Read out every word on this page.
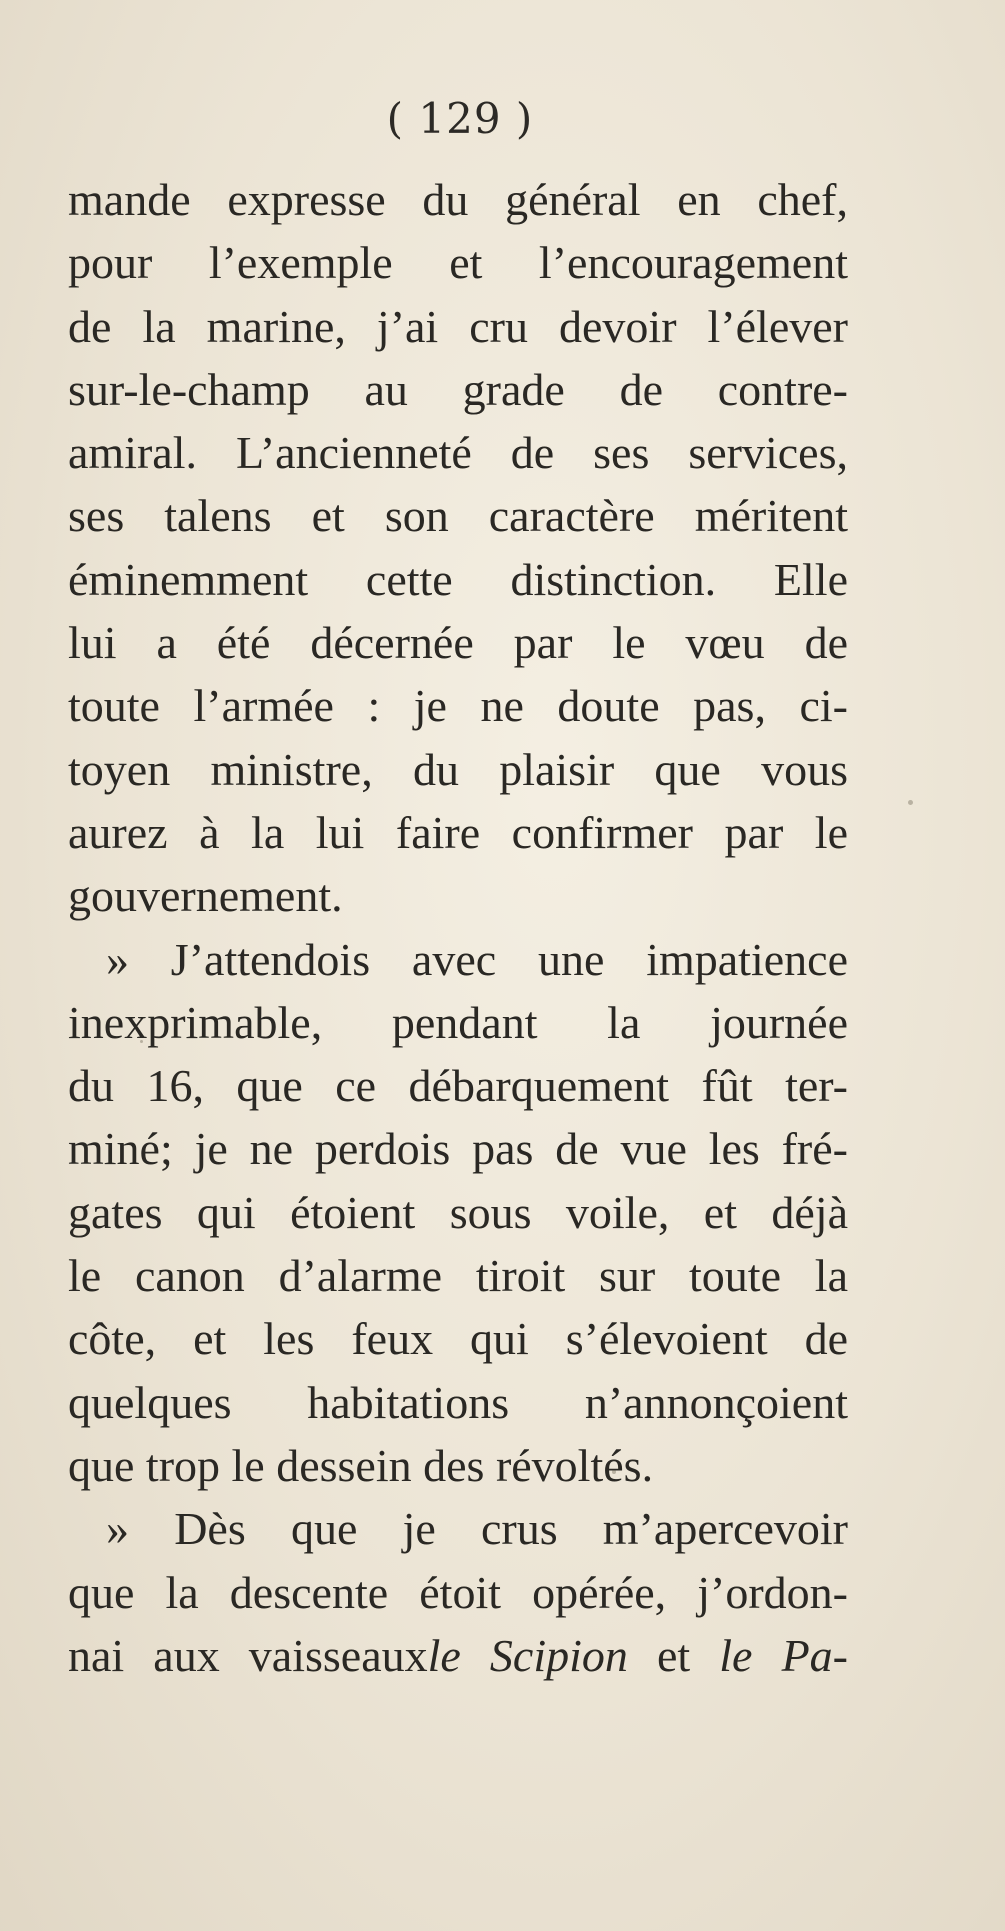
( 129 )
mande expresse du général en chef,
pour l’exemple et l’encouragement
de la marine, j’ai cru devoir l’élever
sur-le-champ au grade de contre-
amiral. L’ancienneté de ses services,
ses talens et son caractère méritent
éminemment cette distinction. Elle
lui a été décernée par le vœu de
toute l’armée : je ne doute pas, ci-
toyen ministre, du plaisir que vous
aurez à la lui faire confirmer par le
gouvernement.
» J’attendois avec une impatience
inexprimable, pendant la journée
du 16, que ce débarquement fût ter-
miné; je ne perdois pas de vue les fré-
gates qui étoient sous voile, et déjà
le canon d’alarme tiroit sur toute la
côte, et les feux qui s’élevoient de
quelques habitations n’annonçoient
que trop le dessein des révoltés.
» Dès que je crus m’apercevoir
que la descente étoit opérée, j’ordon-
nai aux vaisseauxle Scipion et le Pa-
